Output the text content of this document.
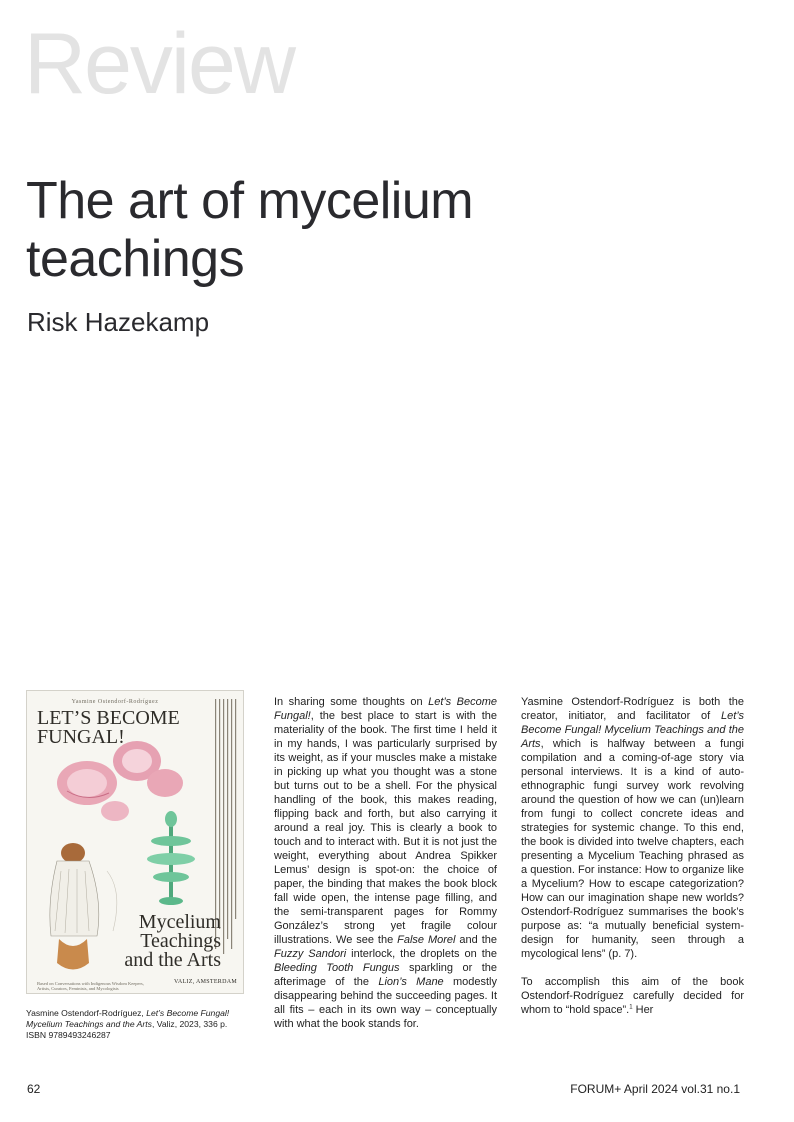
Review
The art of mycelium teachings
Risk Hazekamp
Yasmine Ostendorf-Rodríguez
LET’S BECOME
FUNGAL!
Mycelium
Teachings
and the Arts
Based on Conversations with Indigenous Wisdom Keepers, Artists, Curators, Feminists, and Mycologists
VALIZ, AMSTERDAM
Yasmine Ostendorf-Rodríguez, Let’s Become Fungal! Mycelium Teachings and the Arts, Valiz, 2023, 336 p.
ISBN 9789493246287

In sharing some thoughts on Let’s Become Fungal!, the best place to start is with the materiality of the book. The first time I held it in my hands, I was particularly surprised by its weight, as if your muscles make a mistake in picking up what you thought was a stone but turns out to be a shell. For the physical handling of the book, this makes reading, flipping back and forth, but also carrying it around a real joy. This is clearly a book to touch and to interact with. But it is not just the weight, everything about Andrea Spikker Lemus’ design is spot-on: the choice of paper, the binding that makes the book block fall wide open, the intense page filling, and the semi-transparent pages for Rommy González’s strong yet fragile colour illustrations. We see the False Morel and the Fuzzy Sandori interlock, the droplets on the Bleeding Tooth Fungus sparkling or the afterimage of the Lion’s Mane modestly disappearing behind the succeeding pages. It all fits – each in its own way – conceptually with what the book stands for.

Yasmine Ostendorf-Rodríguez is both the creator, initiator, and facilitator of Let’s Become Fungal! Mycelium Teachings and the Arts, which is halfway between a fungi compilation and a coming-of-age story via personal interviews. It is a kind of auto-ethnographic fungi survey work revolving around the question of how we can (un)learn from fungi to collect concrete ideas and strategies for systemic change. To this end, the book is divided into twelve chapters, each presenting a Mycelium Teaching phrased as a question. For instance: How to organize like a Mycelium? How to escape categorization? How can our imagination shape new worlds? Ostendorf-Rodríguez summarises the book’s purpose as: “a mutually beneficial system-design for humanity, seen through a mycological lens” (p. 7).

To accomplish this aim of the book Ostendorf-Rodríguez carefully decided for whom to “hold space”.$^1$ Her

62	FORUM+ April 2024 vol.31 no.1
